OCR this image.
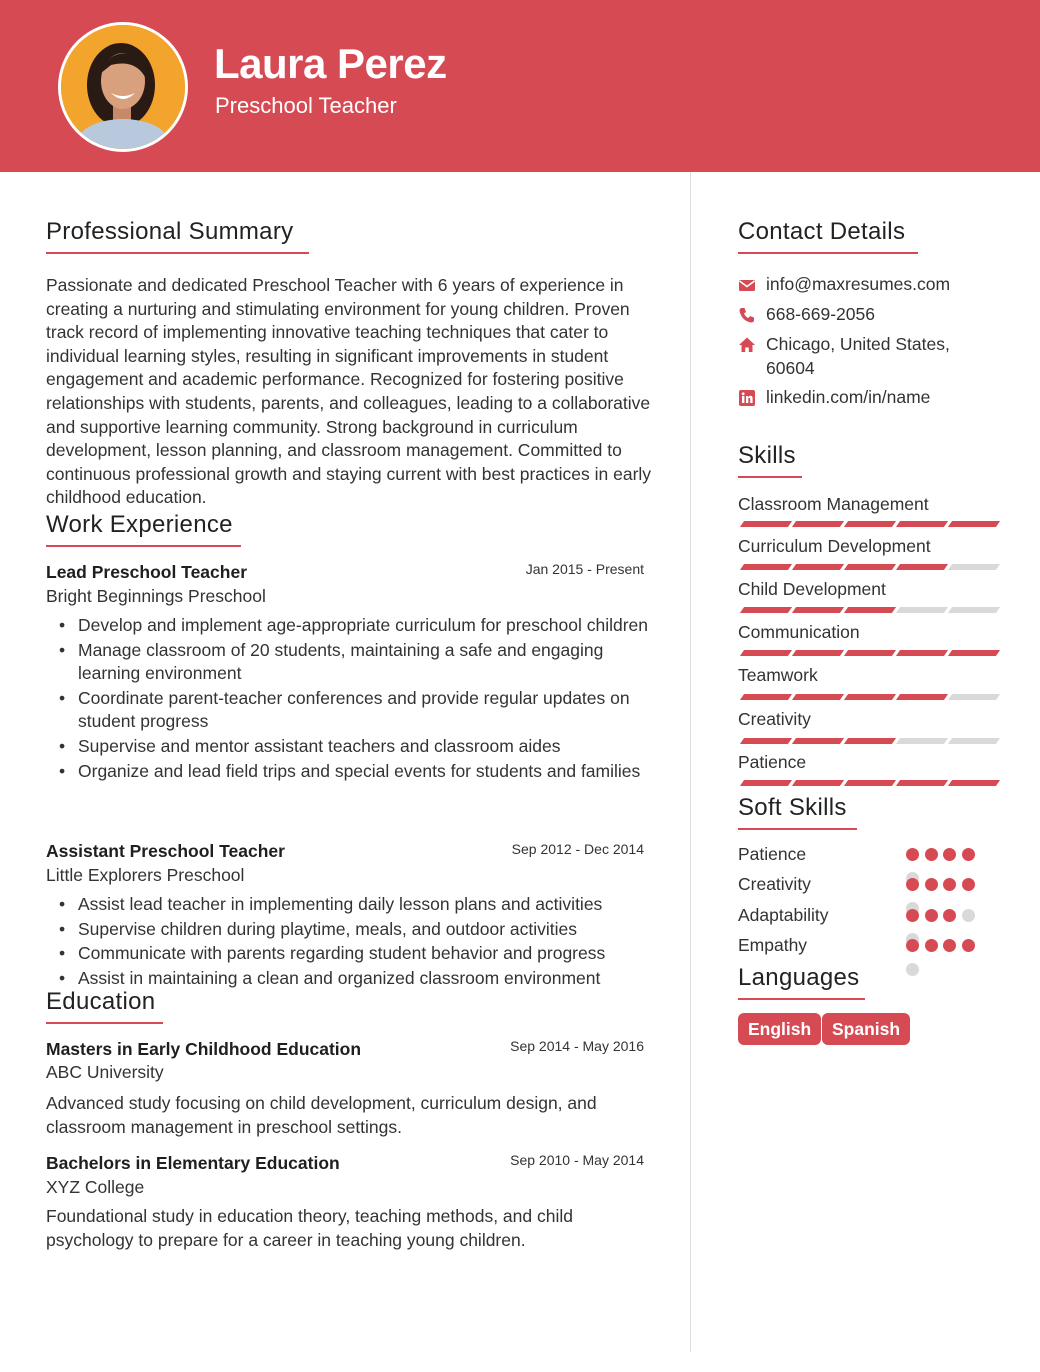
Laura Perez
Preschool Teacher
Professional Summary
Passionate and dedicated Preschool Teacher with 6 years of experience in creating a nurturing and stimulating environment for young children. Proven track record of implementing innovative teaching techniques that cater to individual learning styles, resulting in significant improvements in student engagement and academic performance. Recognized for fostering positive relationships with students, parents, and colleagues, leading to a collaborative and supportive learning community. Strong background in curriculum development, lesson planning, and classroom management. Committed to continuous professional growth and staying current with best practices in early childhood education.
Work Experience
Lead Preschool Teacher	Jan 2015 - Present
Bright Beginnings Preschool
• Develop and implement age-appropriate curriculum for preschool children
• Manage classroom of 20 students, maintaining a safe and engaging learning environment
• Coordinate parent-teacher conferences and provide regular updates on student progress
• Supervise and mentor assistant teachers and classroom aides
• Organize and lead field trips and special events for students and families
Assistant Preschool Teacher	Sep 2012 - Dec 2014
Little Explorers Preschool
• Assist lead teacher in implementing daily lesson plans and activities
• Supervise children during playtime, meals, and outdoor activities
• Communicate with parents regarding student behavior and progress
• Assist in maintaining a clean and organized classroom environment
Education
Masters in Early Childhood Education	Sep 2014 - May 2016
ABC University
Advanced study focusing on child development, curriculum design, and classroom management in preschool settings.
Bachelors in Elementary Education	Sep 2010 - May 2014
XYZ College
Foundational study in education theory, teaching methods, and child psychology to prepare for a career in teaching young children.
Contact Details
info@maxresumes.com
668-669-2056
Chicago, United States, 60604
linkedin.com/in/name
Skills
Classroom Management
Curriculum Development
Child Development
Communication
Teamwork
Creativity
Patience
Soft Skills
Patience
Creativity
Adaptability
Empathy
Languages
English	Spanish
